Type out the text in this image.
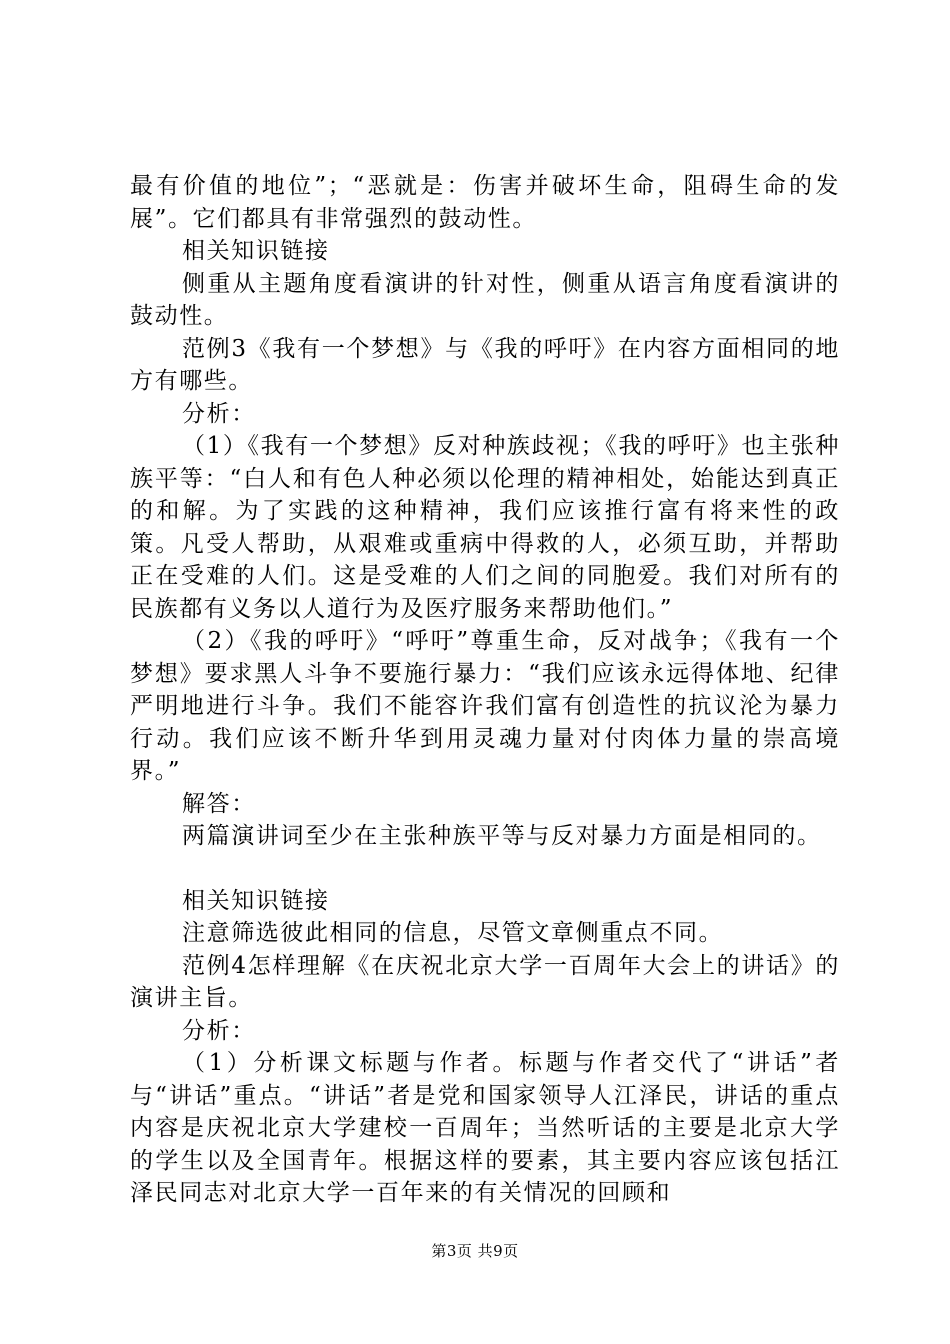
最有价值的地位”；“恶就是：伤害并破坏生命，阻碍生命的发展”。它们都具有非常强烈的鼓动性。

相关知识链接

侧重从主题角度看演讲的针对性，侧重从语言角度看演讲的鼓动性。

范例3《我有一个梦想》与《我的呼吁》在内容方面相同的地方有哪些。

分析：

（1）《我有一个梦想》反对种族歧视；《我的呼吁》也主张种族平等：“白人和有色人种必须以伦理的精神相处，始能达到真正的和解。为了实践的这种精神，我们应该推行富有将来性的政策。凡受人帮助，从艰难或重病中得救的人，必须互助，并帮助正在受难的人们。这是受难的人们之间的同胞爱。我们对所有的民族都有义务以人道行为及医疗服务来帮助他们。”

（2）《我的呼吁》“呼吁”尊重生命，反对战争；《我有一个梦想》要求黑人斗争不要施行暴力：“我们应该永远得体地、纪律严明地进行斗争。我们不能容许我们富有创造性的抗议沦为暴力行动。我们应该不断升华到用灵魂力量对付肉体力量的崇高境界。”

解答：

两篇演讲词至少在主张种族平等与反对暴力方面是相同的。

相关知识链接

注意筛选彼此相同的信息，尽管文章侧重点不同。

范例4怎样理解《在庆祝北京大学一百周年大会上的讲话》的演讲主旨。

分析：

（1）分析课文标题与作者。标题与作者交代了“讲话”者与“讲话”重点。“讲话”者是党和国家领导人江泽民，讲话的重点内容是庆祝北京大学建校一百周年；当然听话的主要是北京大学的学生以及全国青年。根据这样的要素，其主要内容应该包括江泽民同志对北京大学一百年来的有关情况的回顾和

第3页 共9页
